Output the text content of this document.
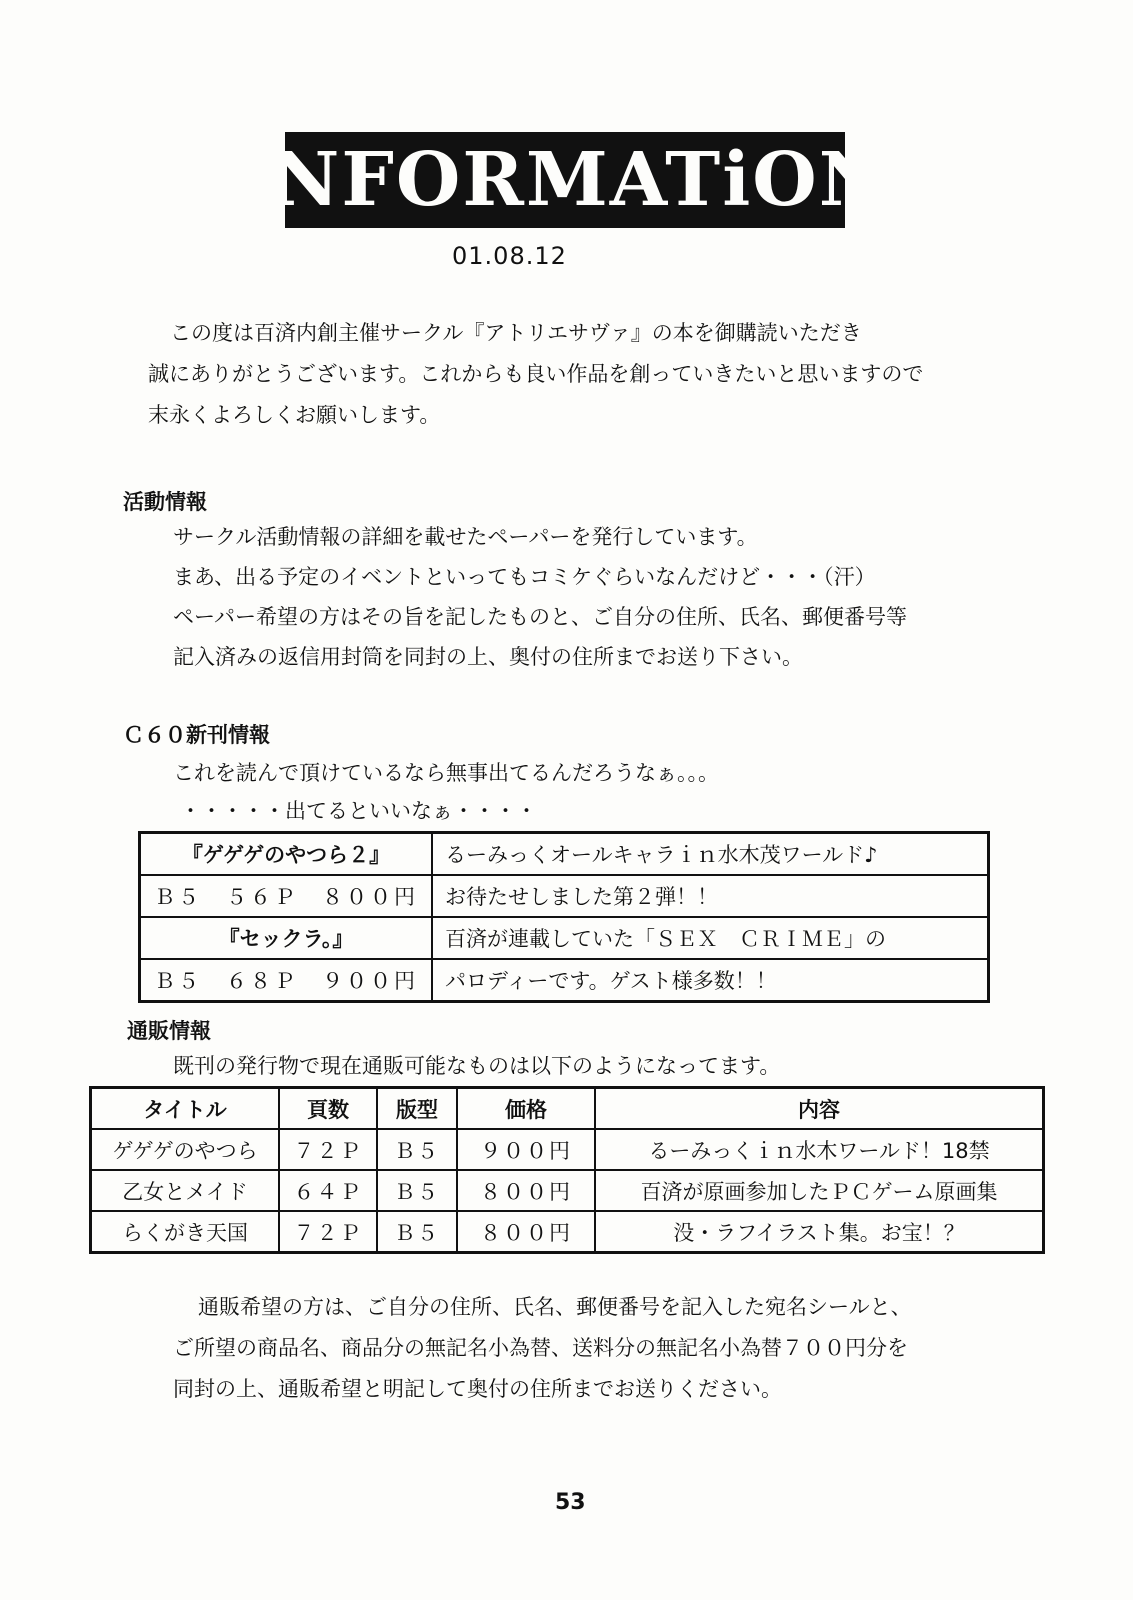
iNFORMATiON
01.08.12
この度は百済内創主催サークル『アトリエサヴァ』の本を御購読いただき
誠にありがとうございます。これからも良い作品を創っていきたいと思いますので
末永くよろしくお願いします。
活動情報
サークル活動情報の詳細を載せたペーパーを発行しています。
まあ、出る予定のイベントといってもコミケぐらいなんだけど・・・（汗）
ペーパー希望の方はその旨を記したものと、ご自分の住所、氏名、郵便番号等
記入済みの返信用封筒を同封の上、奥付の住所までお送り下さい。
Ｃ６０新刊情報
これを読んで頂けているなら無事出てるんだろうなぁ。。。
・・・・・出てるといいなぁ・・・・
『ゲゲゲのやつら２』	るーみっくオールキャラｉｎ水木茂ワールド♪
Ｂ５　５６Ｐ　８００円	お待たせしました第２弾！！
『セックラ。』	百済が連載していた「ＳＥＸ　ＣＲＩＭＥ」の
Ｂ５　６８Ｐ　９００円	パロディーです。ゲスト様多数！！
通販情報
既刊の発行物で現在通販可能なものは以下のようになってます。
タイトル	頁数	版型	価格	内容
ゲゲゲのやつら	７２Ｐ	Ｂ５	９００円	るーみっくｉｎ水木ワールド！18禁
乙女とメイド	６４Ｐ	Ｂ５	８００円	百済が原画参加したＰＣゲーム原画集
らくがき天国	７２Ｐ	Ｂ５	８００円	没・ラフイラスト集。お宝！？
通販希望の方は、ご自分の住所、氏名、郵便番号を記入した宛名シールと、
ご所望の商品名、商品分の無記名小為替、送料分の無記名小為替７００円分を
同封の上、通販希望と明記して奥付の住所までお送りください。
53
